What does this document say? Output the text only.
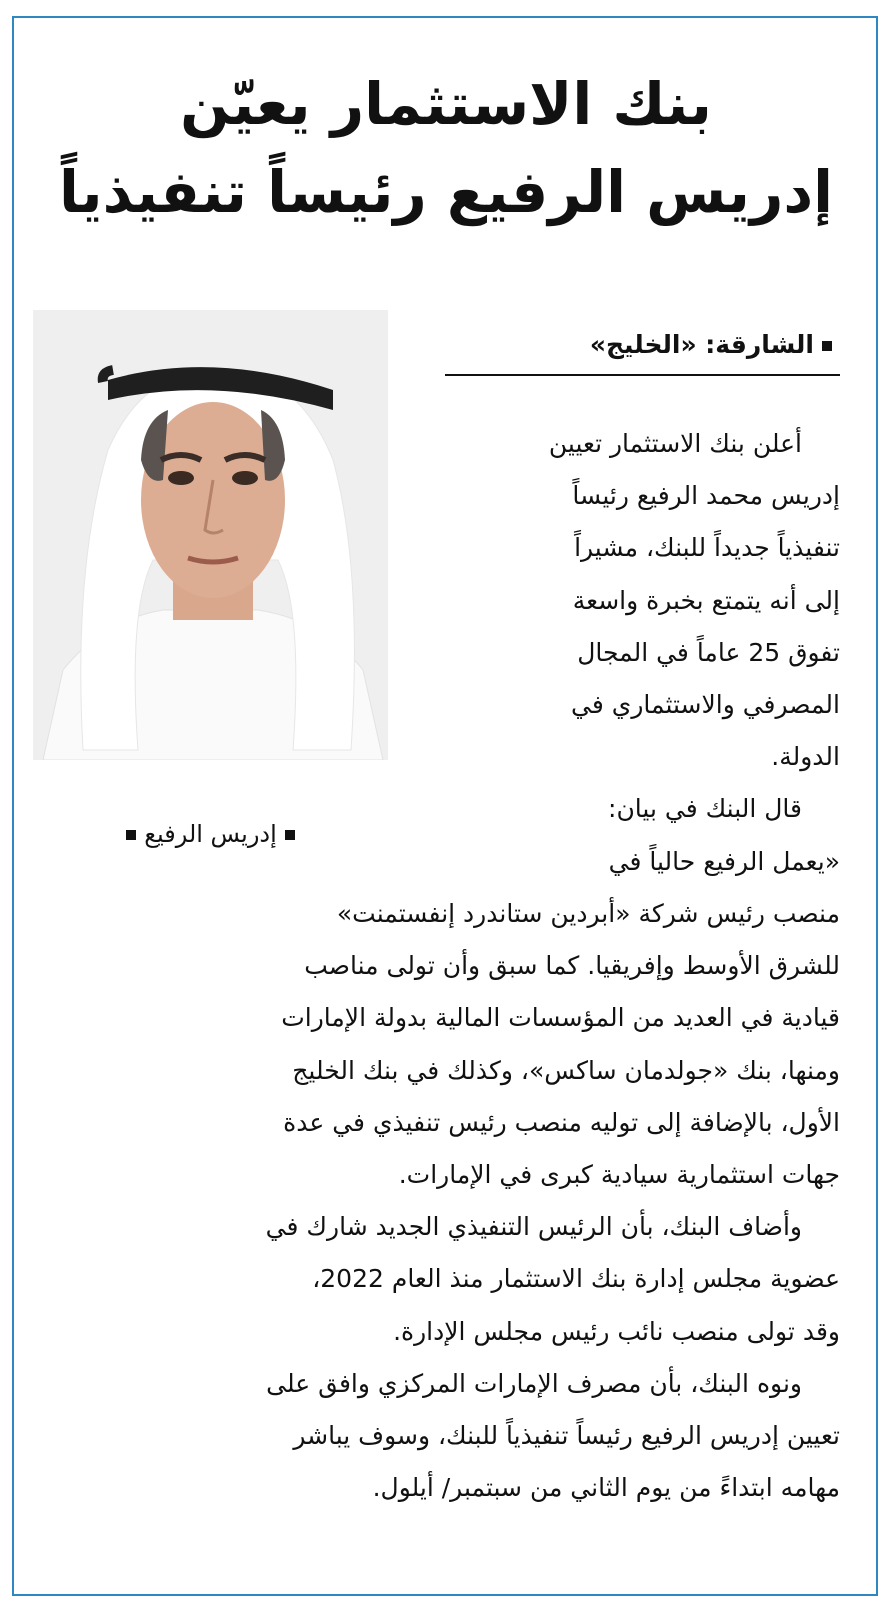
بنك الاستثمار يعيّن
إدريس الرفيع رئيساً تنفيذياً
إدريس الرفيع
الشارقة: «الخليج»
أعلن بنك الاستثمار تعيين
إدريس محمد الرفيع رئيساً
تنفيذياً جديداً للبنك، مشيراً
إلى أنه يتمتع بخبرة واسعة
تفوق 25 عاماً في المجال
المصرفي والاستثماري في
الدولة.
قال البنك في بيان:
«يعمل الرفيع حالياً في
منصب رئيس شركة «أبردين ستاندرد إنفستمنت»
للشرق الأوسط وإفريقيا. كما سبق وأن تولى مناصب
قيادية في العديد من المؤسسات المالية بدولة الإمارات
ومنها، بنك «جولدمان ساكس»، وكذلك في بنك الخليج
الأول، بالإضافة إلى توليه منصب رئيس تنفيذي في عدة
جهات استثمارية سيادية كبرى في الإمارات.
وأضاف البنك، بأن الرئيس التنفيذي الجديد شارك في
عضوية مجلس إدارة بنك الاستثمار منذ العام 2022،
وقد تولى منصب نائب رئيس مجلس الإدارة.
ونوه البنك، بأن مصرف الإمارات المركزي وافق على
تعيين إدريس الرفيع رئيساً تنفيذياً للبنك، وسوف يباشر
مهامه ابتداءً من يوم الثاني من سبتمبر/ أيلول.
